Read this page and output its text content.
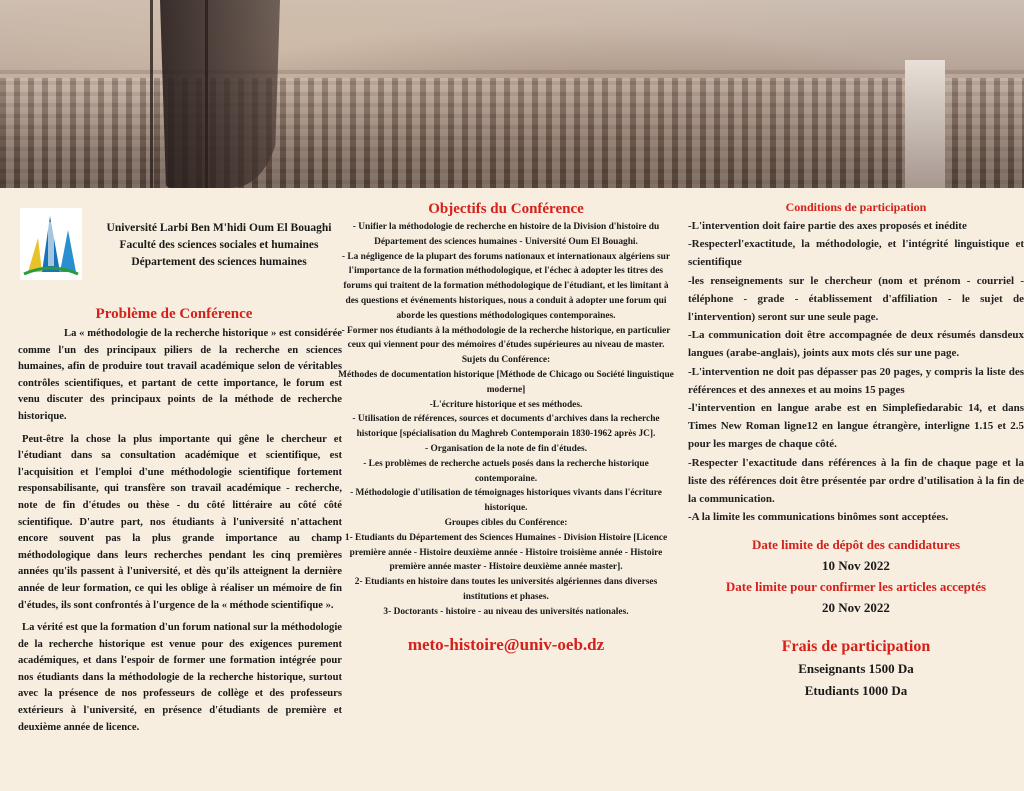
Université Larbi Ben M'hidi Oum El Bouaghi
Faculté des sciences sociales et humaines
Département des sciences humaines
Problème de Conférence

La « méthodologie de la recherche historique » est considérée comme l'un des principaux piliers de la recherche en sciences humaines, afin de produire tout travail académique selon de véritables contrôles scientifiques, et partant de cette importance, le forum est venu discuter des principaux points de la méthode de recherche historique.

Peut-être la chose la plus importante qui gêne le chercheur et l'étudiant dans sa consultation académique et scientifique, est l'acquisition et l'emploi d'une méthodologie scientifique fortement responsabilisante, qui transfère son travail académique - recherche, note de fin d'études ou thèse - du côté littéraire au côté côté scientifique. D'autre part, nos étudiants à l'université n'attachent encore souvent pas la plus grande importance au champ méthodologique dans leurs recherches pendant les cinq premières années qu'ils passent à l'université, et dès qu'ils atteignent la dernière année de leur formation, ce qui les oblige à réaliser un mémoire de fin d'études, ils sont confrontés à l'urgence de la « méthode scientifique ».

La vérité est que la formation d'un forum national sur la méthodologie de la recherche historique est venue pour des exigences purement académiques, et dans l'espoir de former une formation intégrée pour nos étudiants dans la méthodologie de la recherche historique, surtout avec la présence de nos professeurs de collège et des professeurs extérieurs à l'université, en présence d'étudiants de première et deuxième année de licence.

Objectifs du Conférence
- Unifier la méthodologie de recherche en histoire de la Division d'histoire du Département des sciences humaines - Université Oum El Bouaghi.
- La négligence de la plupart des forums nationaux et internationaux algériens sur l'importance de la formation méthodologique, et l'échec à adopter les titres des forums qui traitent de la formation méthodologique de l'étudiant, et les limitant à des questions et événements historiques, nous a conduit à adopter une forum qui aborde les questions méthodologiques contemporaines.
- Former nos étudiants à la méthodologie de la recherche historique, en particulier ceux qui viennent pour des mémoires d'études supérieures au niveau de master.
Sujets du Conférence:
Méthodes de documentation historique [Méthode de Chicago ou Société linguistique moderne]
-L'écriture historique et ses méthodes.
- Utilisation de références, sources et documents d'archives dans la recherche historique [spécialisation du Maghreb Contemporain 1830-1962 après JC].
- Organisation de la note de fin d'études.
- Les problèmes de recherche actuels posés dans la recherche historique contemporaine.
- Méthodologie d'utilisation de témoignages historiques vivants dans l'écriture historique.
Groupes cibles du Conférence:
1- Etudiants du Département des Sciences Humaines - Division Histoire [Licence première année - Histoire deuxième année - Histoire troisième année - Histoire première année master - Histoire deuxième année master].
2- Etudiants en histoire dans toutes les universités algériennes dans diverses institutions et phases.
3- Doctorants - histoire - au niveau des universités nationales.
meto-histoire@univ-oeb.dz
Conditions de participation
-L'intervention doit faire partie des axes proposés et inédite
-Respecterl'exactitude, la méthodologie, et l'intégrité linguistique et scientifique
-les renseignements sur le chercheur (nom et prénom - courriel - téléphone - grade - établissement d'affiliation - le sujet de l'intervention) seront sur une seule page.
-La communication doit être accompagnée de deux résumés dansdeux langues (arabe-anglais), joints aux mots clés sur une page.
-L'intervention ne doit pas dépasser pas 20 pages, y compris la liste des références et des annexes et au moins 15 pages
-l'intervention en langue arabe est en Simplefiedarabic 14, et dans Times New Roman ligne12 en langue étrangère, interligne 1.15 et 2.5 pour les marges de chaque côté.
-Respecter l'exactitude dans références à la fin de chaque page et la liste des références doit être présentée par ordre d'utilisation à la fin de la communication.
-A la limite les communications binômes sont acceptées.
Date limite de dépôt des candidatures
10 Nov 2022
Date limite pour confirmer les articles acceptés
20 Nov 2022
Frais de participation
Enseignants 1500 Da
Etudiants 1000 Da
